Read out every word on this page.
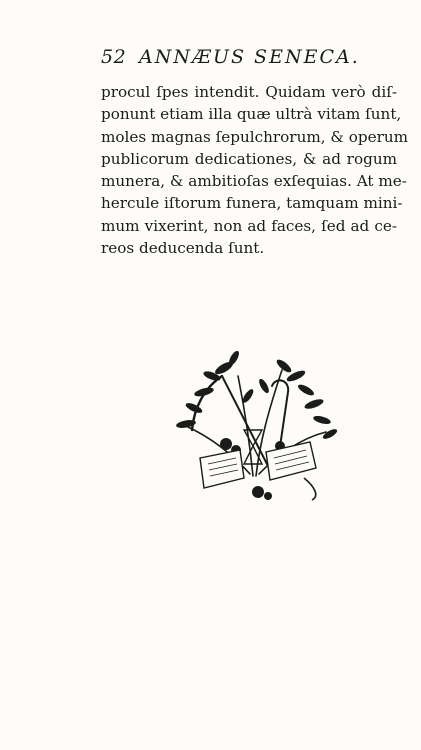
52 ANNÆUS SENECA.
procul ſpes intendit. Quidam verò diſ-
ponunt etiam illa quæ ultrà vitam ſunt,
moles magnas ſepulchrorum, & operum
publicorum dedicationes, & ad rogum
munera, & ambitioſas exſequias. At me-
hercule iſtorum funera, tamquam mini-
mum vixerint, non ad faces, ſed ad ce-
reos deducenda ſunt.
